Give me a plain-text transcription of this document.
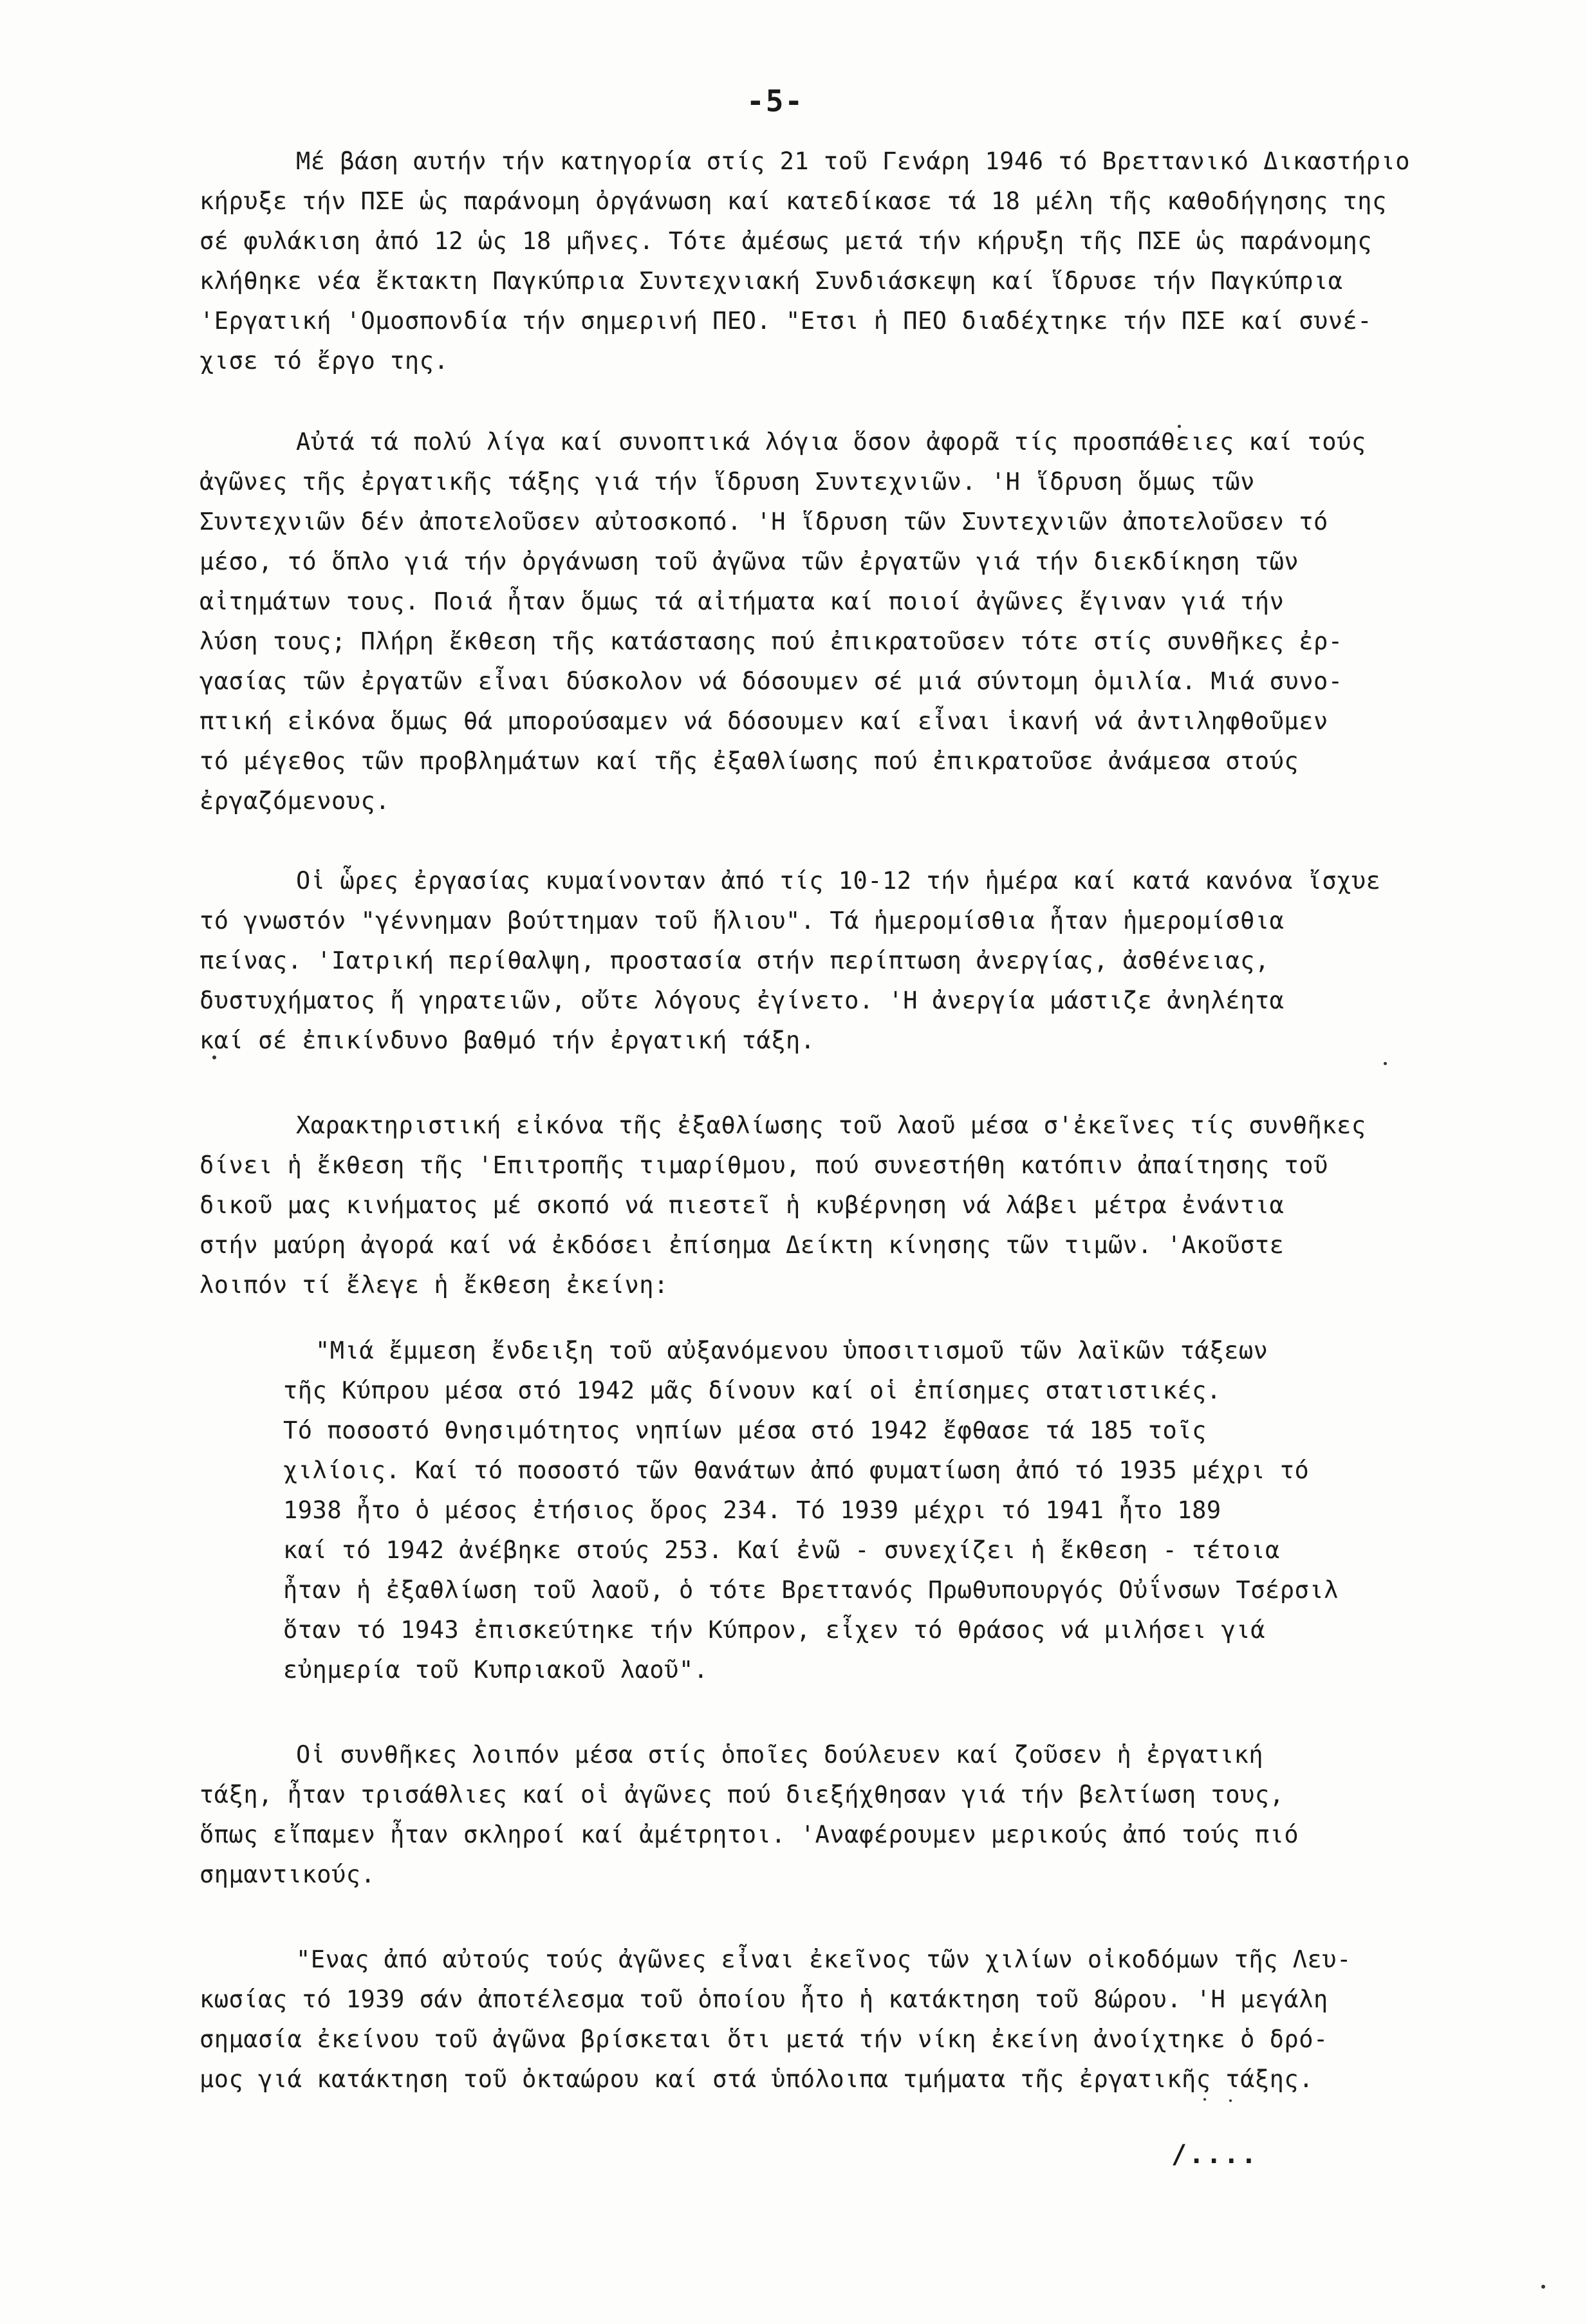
-5-
Μέ βάση αυτήν τήν κατηγορία στίς 21 τοῦ Γενάρη 1946 τό Βρεττανικό Δικαστήριο
κήρυξε τήν ΠΣΕ ὡς παράνομη ὀργάνωση καί κατεδίκασε τά 18 μέλη τῆς καθοδήγησης της
σέ φυλάκιση ἀπό 12 ὡς 18 μῆνες. Τότε ἀμέσως μετά τήν κήρυξη τῆς ΠΣΕ ὡς παράνομης
κλήθηκε νέα ἔκτακτη Παγκύπρια Συντεχνιακή Συνδιάσκεψη καί ἵδρυσε τήν Παγκύπρια
'Εργατική 'Ομοσπονδία τήν σημερινή ΠΕΟ. "Ετσι ἡ ΠΕΟ διαδέχτηκε τήν ΠΣΕ καί συνέ-
χισε τό ἔργο της.
Αὐτά τά πολύ λίγα καί συνοπτικά λόγια ὅσον ἀφορᾶ τίς προσπάθειες καί τούς
ἀγῶνες τῆς ἐργατικῆς τάξης γιά τήν ἵδρυση Συντεχνιῶν. 'Η ἵδρυση ὅμως τῶν
Συντεχνιῶν δέν ἀποτελοῦσεν αὐτοσκοπό. 'Η ἵδρυση τῶν Συντεχνιῶν ἀποτελοῦσεν τό
μέσο, τό ὅπλο γιά τήν ὀργάνωση τοῦ ἀγῶνα τῶν ἐργατῶν γιά τήν διεκδίκηση τῶν
αἰτημάτων τους. Ποιά ἦταν ὅμως τά αἰτήματα καί ποιοί ἀγῶνες ἔγιναν γιά τήν
λύση τους; Πλήρη ἔκθεση τῆς κατάστασης πού ἐπικρατοῦσεν τότε στίς συνθῆκες ἐρ-
γασίας τῶν ἐργατῶν εἶναι δύσκολον νά δόσουμεν σέ μιά σύντομη ὁμιλία. Μιά συνο-
πτική εἰκόνα ὅμως θά μπορούσαμεν νά δόσουμεν καί εἶναι ἱκανή νά ἀντιληφθοῦμεν
τό μέγεθος τῶν προβλημάτων καί τῆς ἐξαθλίωσης πού ἐπικρατοῦσε ἀνάμεσα στούς
ἐργαζόμενους.
Οἱ ὧρες ἐργασίας κυμαίνονταν ἀπό τίς 10-12 τήν ἡμέρα καί κατά κανόνα ἴσχυε
τό γνωστόν "γέννημαν βούττημαν τοῦ ἥλιου". Τά ἡμερομίσθια ἦταν ἡμερομίσθια
πείνας. 'Ιατρική περίθαλψη, προστασία στήν περίπτωση ἀνεργίας, ἀσθένειας,
δυστυχήματος ἤ γηρατειῶν, οὔτε λόγους ἐγίνετο. 'Η ἀνεργία μάστιζε ἀνηλέητα
καί σέ ἐπικίνδυνο βαθμό τήν ἐργατική τάξη.
Χαρακτηριστική εἰκόνα τῆς ἐξαθλίωσης τοῦ λαοῦ μέσα σ'ἐκεῖνες τίς συνθῆκες
δίνει ἡ ἔκθεση τῆς 'Επιτροπῆς τιμαρίθμου, πού συνεστήθη κατόπιν ἀπαίτησης τοῦ
δικοῦ μας κινήματος μέ σκοπό νά πιεστεῖ ἡ κυβέρνηση νά λάβει μέτρα ἐνάντια
στήν μαύρη ἀγορά καί νά ἐκδόσει ἐπίσημα Δείκτη κίνησης τῶν τιμῶν. 'Ακοῦστε
λοιπόν τί ἔλεγε ἡ ἔκθεση ἐκείνη:
"Μιά ἔμμεση ἔνδειξη τοῦ αὐξανόμενου ὑποσιτισμοῦ τῶν λαϊκῶν τάξεων
τῆς Κύπρου μέσα στό 1942 μᾶς δίνουν καί οἱ ἐπίσημες στατιστικές.
Τό ποσοστό θνησιμότητος νηπίων μέσα στό 1942 ἔφθασε τά 185 τοῖς
χιλίοις. Καί τό ποσοστό τῶν θανάτων ἀπό φυματίωση ἀπό τό 1935 μέχρι τό
1938 ἦτο ὁ μέσος ἐτήσιος ὅρος 234. Τό 1939 μέχρι τό 1941 ἦτο 189
καί τό 1942 ἀνέβηκε στούς 253. Καί ἐνῶ - συνεχίζει ἡ ἔκθεση - τέτοια
ἦταν ἡ ἐξαθλίωση τοῦ λαοῦ, ὁ τότε Βρεττανός Πρωθυπουργός Οὐΐνσων Τσέρσιλ
ὅταν τό 1943 ἐπισκεύτηκε τήν Κύπρον, εἶχεν τό θράσος νά μιλήσει γιά
εὐημερία τοῦ Κυπριακοῦ λαοῦ".
Οἱ συνθῆκες λοιπόν μέσα στίς ὁποῖες δούλευεν καί ζοῦσεν ἡ ἐργατική
τάξη, ἦταν τρισάθλιες καί οἱ ἀγῶνες πού διεξήχθησαν γιά τήν βελτίωση τους,
ὅπως εἴπαμεν ἦταν σκληροί καί ἀμέτρητοι. 'Αναφέρουμεν μερικούς ἀπό τούς πιό
σημαντικούς.
"Ενας ἀπό αὐτούς τούς ἀγῶνες εἶναι ἐκεῖνος τῶν χιλίων οἰκοδόμων τῆς Λευ-
κωσίας τό 1939 σάν ἀποτέλεσμα τοῦ ὁποίου ἦτο ἡ κατάκτηση τοῦ 8ώρου. 'Η μεγάλη
σημασία ἐκείνου τοῦ ἀγῶνα βρίσκεται ὅτι μετά τήν νίκη ἐκείνη ἀνοίχτηκε ὁ δρό-
μος γιά κατάκτηση τοῦ ὀκταώρου καί στά ὑπόλοιπα τμήματα τῆς ἐργατικῆς τάξης.
/....
